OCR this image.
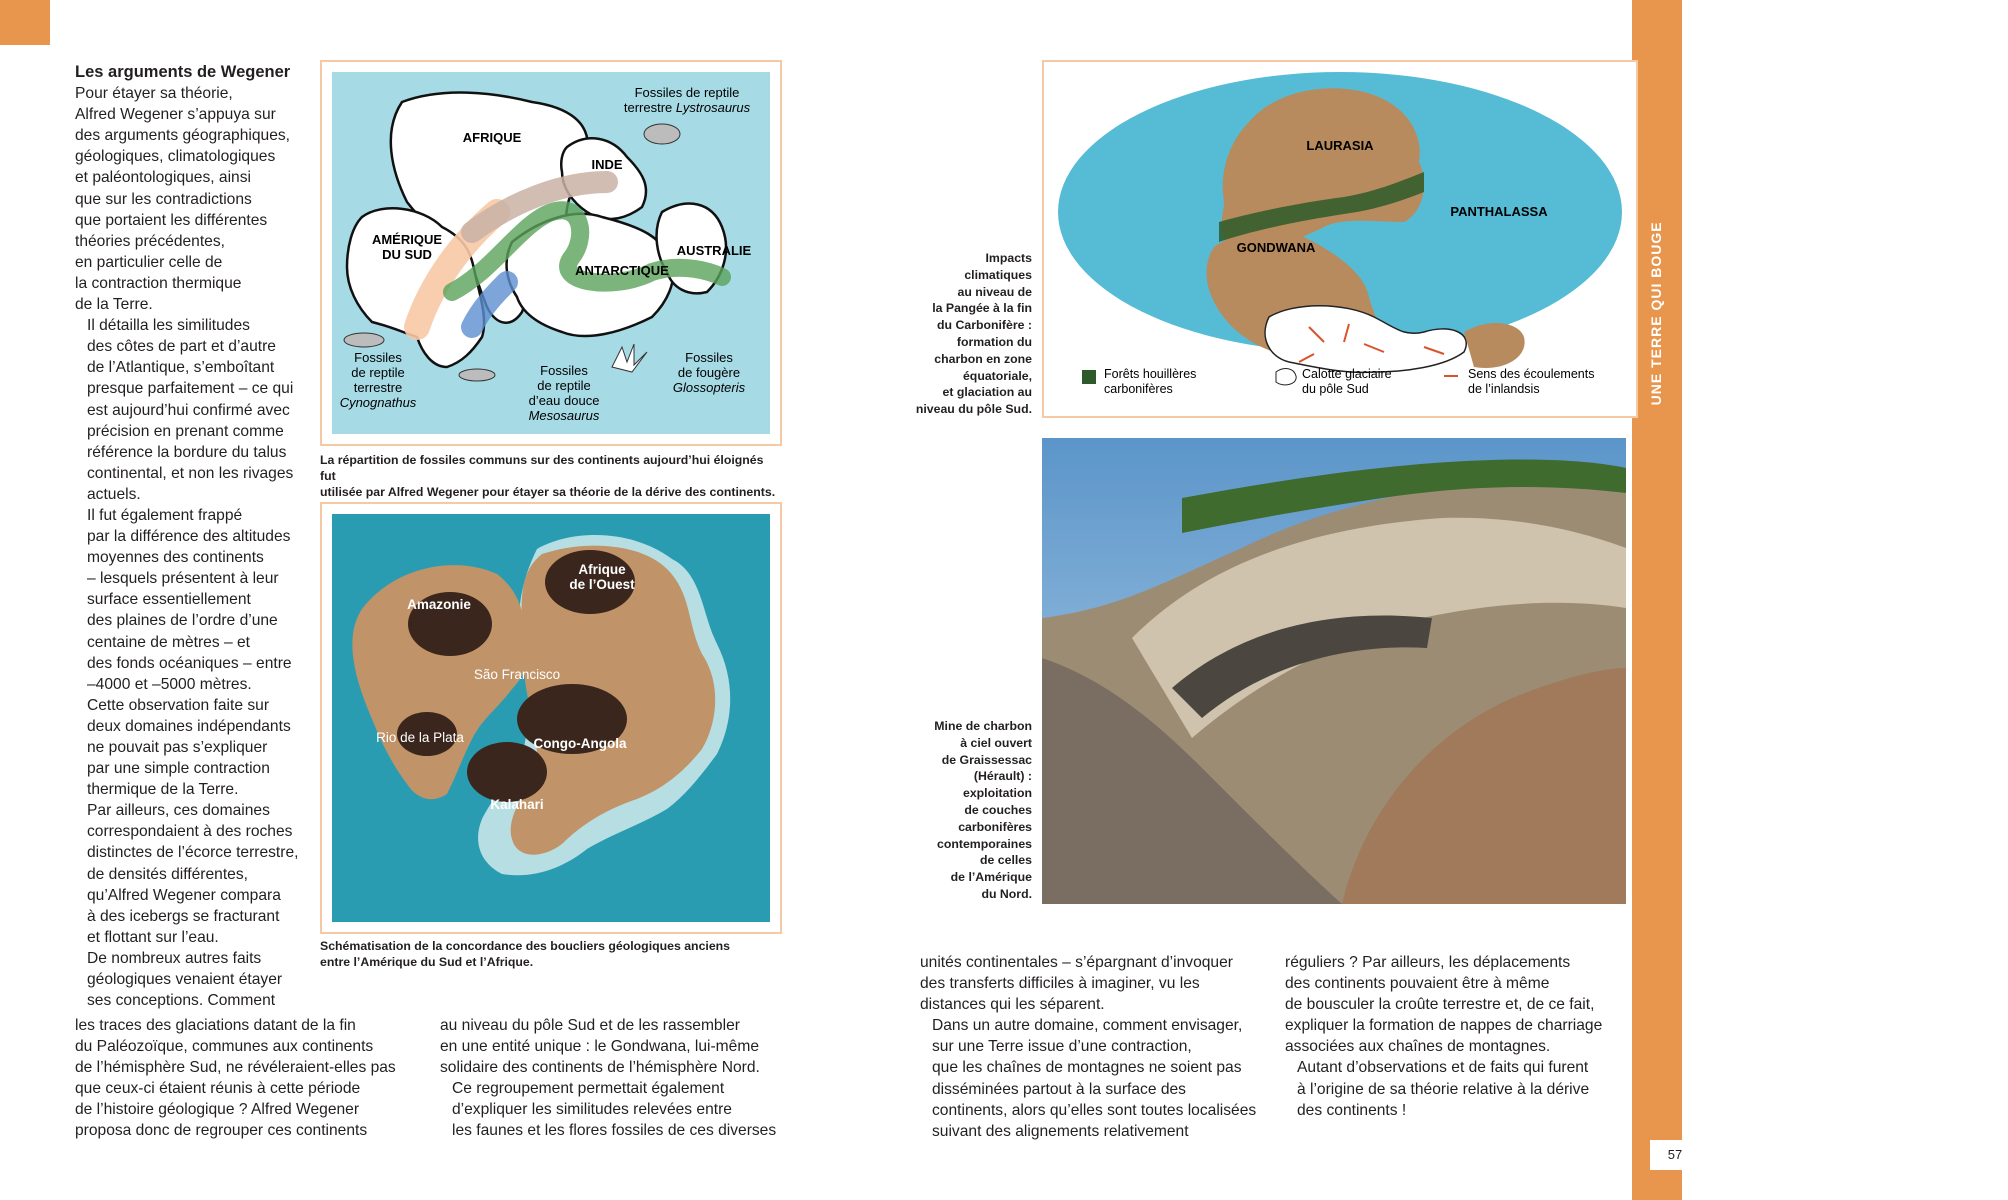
L’INTUITION DE WEGENER
UNE TERRE QUI BOUGE
57

Les arguments de Wegener

Pour étayer sa théorie,
Alfred Wegener s’appuya sur
des arguments géographiques,
géologiques, climatologiques
et paléontologiques, ainsi
que sur les contradictions
que portaient les différentes
théories précédentes,
en particulier celle de
la contraction thermique
de la Terre.
Il détailla les similitudes
des côtes de part et d’autre
de l’Atlantique, s’emboîtant
presque parfaitement – ce qui
est aujourd’hui confirmé avec
précision en prenant comme
référence la bordure du talus
continental, et non les rivages
actuels.
Il fut également frappé
par la différence des altitudes
moyennes des continents
– lesquels présentent à leur
surface essentiellement
des plaines de l’ordre d’une
centaine de mètres – et
des fonds océaniques – entre
–4000 et –5000 mètres.
Cette observation faite sur
deux domaines indépendants
ne pouvait pas s’expliquer
par une simple contraction
thermique de la Terre.
Par ailleurs, ces domaines
correspondaient à des roches
distinctes de l’écorce terrestre,
de densités différentes,
qu’Alfred Wegener compara
à des icebergs se fracturant
et flottant sur l’eau.
De nombreux autres faits
géologiques venaient étayer
ses conceptions. Comment
les traces des glaciations datant de la fin
du Paléozoïque, communes aux continents
de l’hémisphère Sud, ne révéleraient-elles pas
que ceux-ci étaient réunis à cette période
de l’histoire géologique ? Alfred Wegener
proposa donc de regrouper ces continents
au niveau du pôle Sud et de les rassembler
en une entité unique : le Gondwana, lui-même
solidaire des continents de l’hémisphère Nord.
Ce regroupement permettait également
d’expliquer les similitudes relevées entre
les faunes et les flores fossiles de ces diverses
unités continentales – s’épargnant d’invoquer
des transferts difficiles à imaginer, vu les
distances qui les séparent.
Dans un autre domaine, comment envisager,
sur une Terre issue d’une contraction,
que les chaînes de montagnes ne soient pas
disséminées partout à la surface des
continents, alors qu’elles sont toutes localisées
suivant des alignements relativement
réguliers ? Par ailleurs, les déplacements
des continents pouvaient être à même
de bousculer la croûte terrestre et, de ce fait,
expliquer la formation de nappes de charriage
associées aux chaînes de montagnes.
Autant d’observations et de faits qui furent
à l’origine de sa théorie relative à la dérive
des continents !
AFRIQUE
INDE
AMÉRIQUE
DU SUD
ANTARCTIQUE
AUSTRALIE
Fossiles de reptile
terrestre Lystrosaurus
Fossiles
de reptile
terrestre
Cynognathus
Fossiles
de reptile
d’eau douce
Mesosaurus
Fossiles
de fougère
Glossopteris
La répartition de fossiles communs sur des continents aujourd’hui éloignés fut
utilisée par Alfred Wegener pour étayer sa théorie de la dérive des continents.
Amazonie
Afrique
de l’Ouest
São Francisco
Rio de la Plata	Congo-Angola
Kalahari
Schématisation de la concordance des boucliers géologiques anciens
entre l’Amérique du Sud et l’Afrique.
LAURASIA
PANTHALASSA
GONDWANA
Forêts houillères
carbonifères
Calotte glaciaire
du pôle Sud
Sens des écoulements
de l’inlandsis
Impacts
climatiques
au niveau de
la Pangée à la fin
du Carbonifère :
formation du
charbon en zone
équatoriale,
et glaciation au
niveau du pôle Sud.
Mine de charbon
à ciel ouvert
de Graissessac
(Hérault) :
exploitation
de couches
carbonifères
contemporaines
de celles
de l’Amérique
du Nord.
